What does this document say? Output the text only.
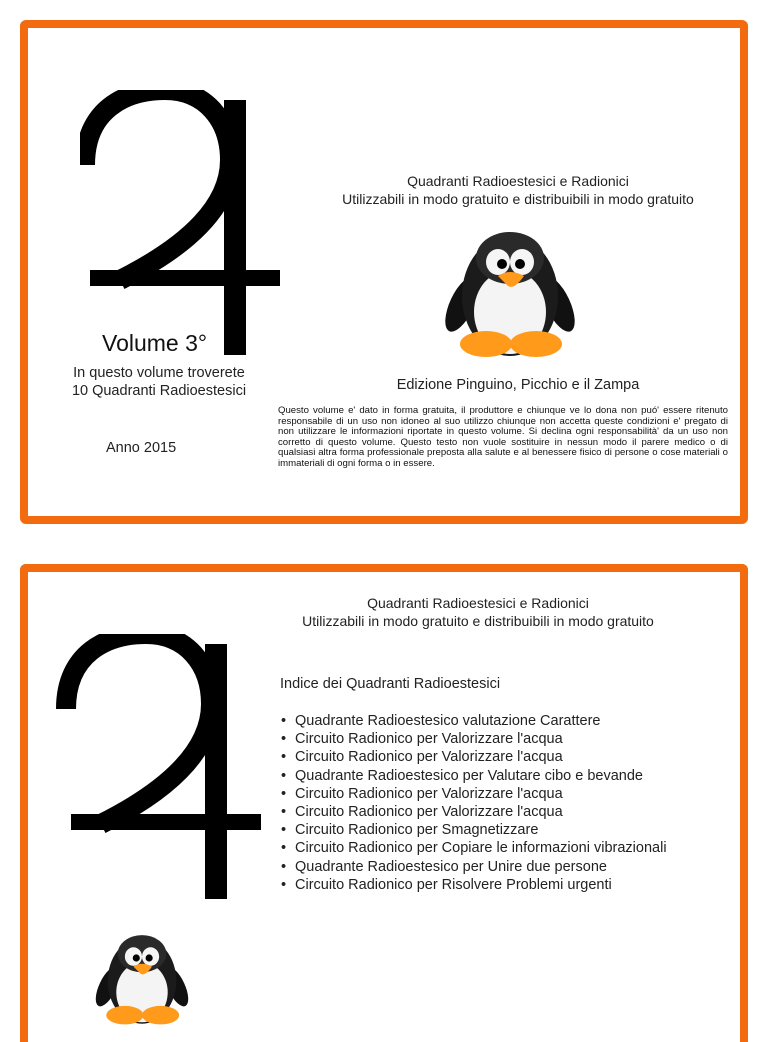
Quadranti Radioestesici e Radionici
Utilizzabili in modo gratuito e distribuibili in modo gratuito
Volume 3°
In questo volume troverete
10 Quadranti Radioestesici
Anno 2015
Edizione Pinguino, Picchio e il Zampa
Questo volume e' dato in forma gratuita, il produttore e chiunque ve lo dona non puó' essere ritenuto responsabile di un uso non idoneo al suo utilizzo chiunque non accetta queste condizioni e' pregato di non utilizzare le informazioni riportate in questo volume. Si declina ogni responsabilità' da un uso non corretto di questo volume. Questo testo non vuole sostituire in nessun modo il parere medico o di qualsiasi altra forma professionale preposta alla salute e al benessere fisico di persone o cose materiali o immateriali di ogni forma o in essere.
Quadranti Radioestesici e Radionici
Utilizzabili in modo gratuito e distribuibili in modo gratuito
Indice dei Quadranti Radioestesici
• Quadrante Radioestesico valutazione Carattere
• Circuito Radionico per Valorizzare l'acqua
• Circuito Radionico per Valorizzare l'acqua
• Quadrante Radioestesico per Valutare cibo e bevande
• Circuito Radionico per Valorizzare l'acqua
• Circuito Radionico per Valorizzare l'acqua
• Circuito Radionico per Smagnetizzare
• Circuito Radionico per Copiare le informazioni vibrazionali
• Quadrante Radioestesico per Unire due persone
• Circuito Radionico per Risolvere Problemi urgenti
